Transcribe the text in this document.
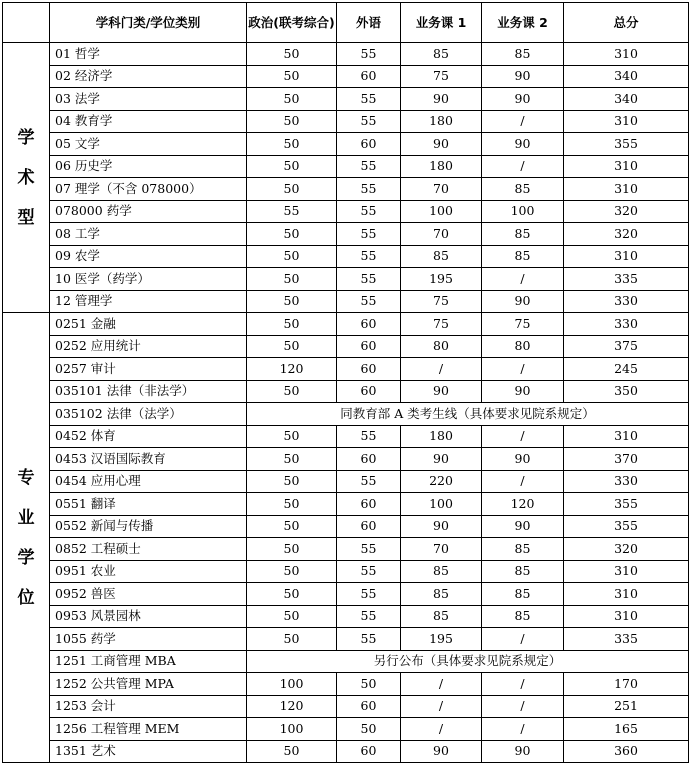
	学科门类/学位类别	政治(联考综合)	外语	业务课 1	业务课 2	总分

学
术
型	01 哲学	50	55	85	85	310
	02 经济学	50	60	75	90	340
	03 法学	50	55	90	90	340
	04 教育学	50	55	180	/	310
	05 文学	50	60	90	90	355
	06 历史学	50	55	180	/	310
	07 理学（不含 078000）	50	55	70	85	310
	078000 药学	55	55	100	100	320
	08 工学	50	55	70	85	320
	09 农学	50	55	85	85	310
	10 医学（药学）	50	55	195	/	335
	12 管理学	50	55	75	90	330

专
业
学
位	0251 金融	50	60	75	75	330
	0252 应用统计	50	60	80	80	375
	0257 审计	120	60	/	/	245
	035101 法律（非法学）	50	60	90	90	350
	035102 法律（法学）	同教育部 A 类考生线（具体要求见院系规定）				
	0452 体育	50	55	180	/	310
	0453 汉语国际教育	50	60	90	90	370
	0454 应用心理	50	55	220	/	330
	0551 翻译	50	60	100	120	355
	0552 新闻与传播	50	60	90	90	355
	0852 工程硕士	50	55	70	85	320
	0951 农业	50	55	85	85	310
	0952 兽医	50	55	85	85	310
	0953 风景园林	50	55	85	85	310
	1055 药学	50	55	195	/	335
	1251 工商管理 MBA	另行公布（具体要求见院系规定）				
	1252 公共管理 MPA	100	50	/	/	170
	1253 会计	120	60	/	/	251
	1256 工程管理 MEM	100	50	/	/	165
	1351 艺术	50	60	90	90	360
